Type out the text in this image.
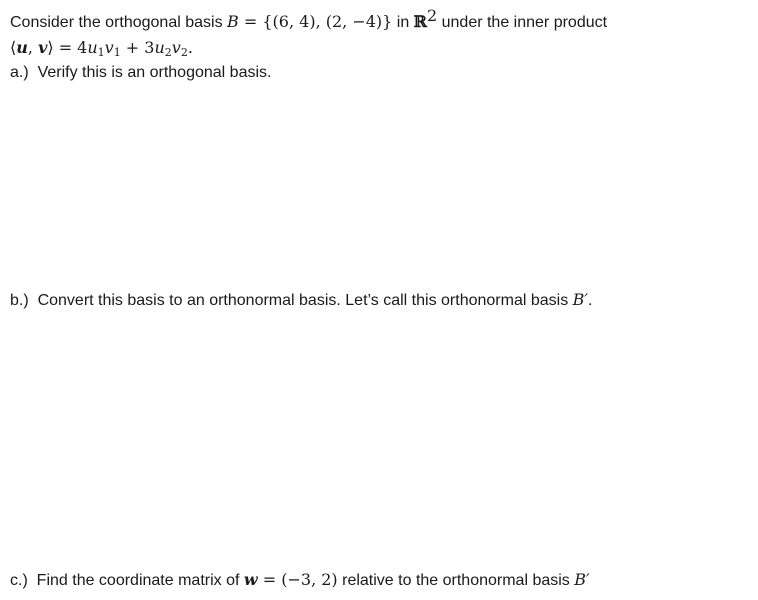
Consider the orthogonal basis B = {(6, 4), (2, −4)} in ℝ$^2$ under the inner product
⟨u, v⟩ = $4u_1v_1 + 3u_2v_2$.
a.) Verify this is an orthogonal basis.
b.) Convert this basis to an orthonormal basis. Let’s call this orthonormal basis B′.
c.) Find the coordinate matrix of w = (−3, 2) relative to the orthonormal basis B′
